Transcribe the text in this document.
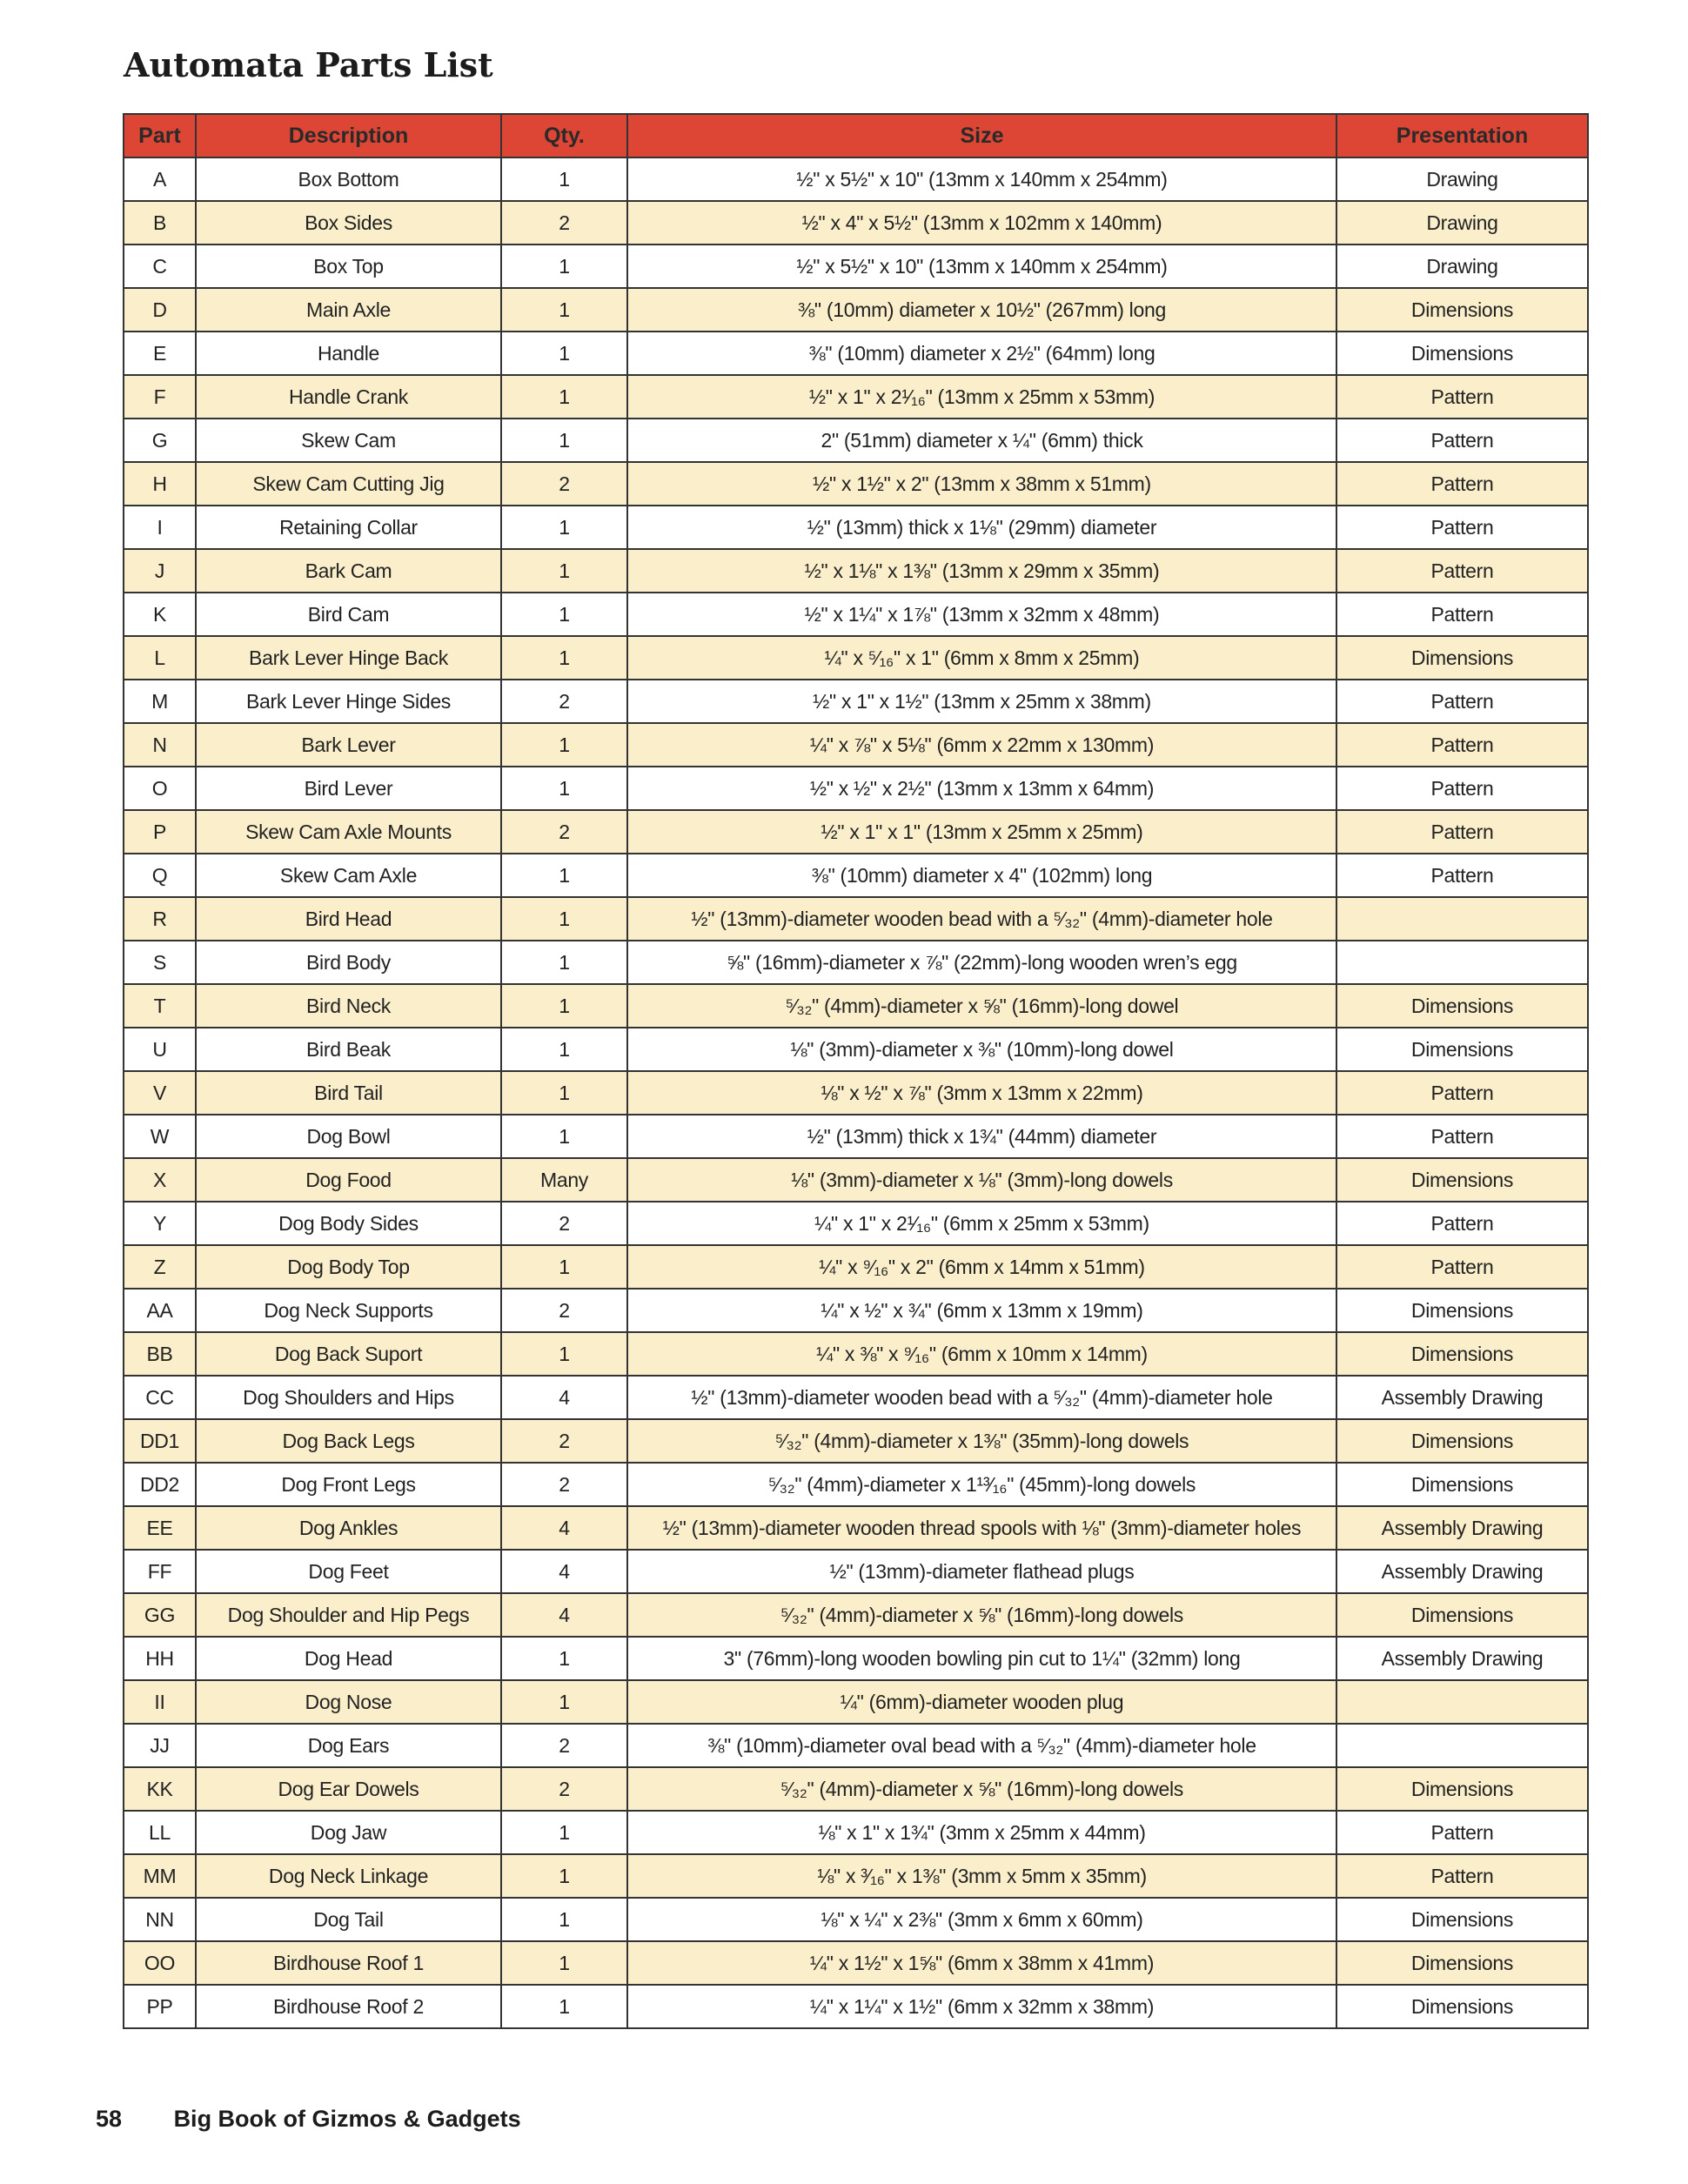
Automata Parts List
Part	Description	Qty.	Size	Presentation
A	Box Bottom	1	½" x 5½" x 10" (13mm x 140mm x 254mm)	Drawing
B	Box Sides	2	½" x 4" x 5½" (13mm x 102mm x 140mm)	Drawing
C	Box Top	1	½" x 5½" x 10" (13mm x 140mm x 254mm)	Drawing
D	Main Axle	1	⅜" (10mm) diameter x 10½" (267mm) long	Dimensions
E	Handle	1	⅜" (10mm) diameter x 2½" (64mm) long	Dimensions
F	Handle Crank	1	½" x 1" x 2¹⁄₁₆" (13mm x 25mm x 53mm)	Pattern
G	Skew Cam	1	2" (51mm) diameter x ¼" (6mm) thick	Pattern
H	Skew Cam Cutting Jig	2	½" x 1½" x 2" (13mm x 38mm x 51mm)	Pattern
I	Retaining Collar	1	½" (13mm) thick x 1⅛" (29mm) diameter	Pattern
J	Bark Cam	1	½" x 1⅛" x 1⅜" (13mm x 29mm x 35mm)	Pattern
K	Bird Cam	1	½" x 1¼" x 1⅞" (13mm x 32mm x 48mm)	Pattern
L	Bark Lever Hinge Back	1	¼" x ⁵⁄₁₆" x 1" (6mm x 8mm x 25mm)	Dimensions
M	Bark Lever Hinge Sides	2	½" x 1" x 1½" (13mm x 25mm x 38mm)	Pattern
N	Bark Lever	1	¼" x ⅞" x 5⅛" (6mm x 22mm x 130mm)	Pattern
O	Bird Lever	1	½" x ½" x 2½" (13mm x 13mm x 64mm)	Pattern
P	Skew Cam Axle Mounts	2	½" x 1" x 1" (13mm x 25mm x 25mm)	Pattern
Q	Skew Cam Axle	1	⅜" (10mm) diameter x 4" (102mm) long	Pattern
R	Bird Head	1	½" (13mm)-diameter wooden bead with a ⁵⁄₃₂" (4mm)-diameter hole	
S	Bird Body	1	⅝" (16mm)-diameter x ⅞" (22mm)-long wooden wren’s egg	
T	Bird Neck	1	⁵⁄₃₂" (4mm)-diameter x ⅝" (16mm)-long dowel	Dimensions
U	Bird Beak	1	⅛" (3mm)-diameter x ⅜" (10mm)-long dowel	Dimensions
V	Bird Tail	1	⅛" x ½" x ⅞" (3mm x 13mm x 22mm)	Pattern
W	Dog Bowl	1	½" (13mm) thick x 1¾" (44mm) diameter	Pattern
X	Dog Food	Many	⅛" (3mm)-diameter x ⅛" (3mm)-long dowels	Dimensions
Y	Dog Body Sides	2	¼" x 1" x 2¹⁄₁₆" (6mm x 25mm x 53mm)	Pattern
Z	Dog Body Top	1	¼" x ⁹⁄₁₆" x 2" (6mm x 14mm x 51mm)	Pattern
AA	Dog Neck Supports	2	¼" x ½" x ¾" (6mm x 13mm x 19mm)	Dimensions
BB	Dog Back Suport	1	¼" x ⅜" x ⁹⁄₁₆" (6mm x 10mm x 14mm)	Dimensions
CC	Dog Shoulders and Hips	4	½" (13mm)-diameter wooden bead with a ⁵⁄₃₂" (4mm)-diameter hole	Assembly Drawing
DD1	Dog Back Legs	2	⁵⁄₃₂" (4mm)-diameter x 1⅜" (35mm)-long dowels	Dimensions
DD2	Dog Front Legs	2	⁵⁄₃₂" (4mm)-diameter x 1¹³⁄₁₆" (45mm)-long dowels	Dimensions
EE	Dog Ankles	4	½" (13mm)-diameter wooden thread spools with ⅛" (3mm)-diameter holes	Assembly Drawing
FF	Dog Feet	4	½" (13mm)-diameter flathead plugs	Assembly Drawing
GG	Dog Shoulder and Hip Pegs	4	⁵⁄₃₂" (4mm)-diameter x ⅝" (16mm)-long dowels	Dimensions
HH	Dog Head	1	3" (76mm)-long wooden bowling pin cut to 1¼" (32mm) long	Assembly Drawing
II	Dog Nose	1	¼" (6mm)-diameter wooden plug	
JJ	Dog Ears	2	⅜" (10mm)-diameter oval bead with a ⁵⁄₃₂" (4mm)-diameter hole	
KK	Dog Ear Dowels	2	⁵⁄₃₂" (4mm)-diameter x ⅝" (16mm)-long dowels	Dimensions
LL	Dog Jaw	1	⅛" x 1" x 1¾" (3mm x 25mm x 44mm)	Pattern
MM	Dog Neck Linkage	1	⅛" x ³⁄₁₆" x 1⅜" (3mm x 5mm x 35mm)	Pattern
NN	Dog Tail	1	⅛" x ¼" x 2⅜" (3mm x 6mm x 60mm)	Dimensions
OO	Birdhouse Roof 1	1	¼" x 1½" x 1⅝" (6mm x 38mm x 41mm)	Dimensions
PP	Birdhouse Roof 2	1	¼" x 1¼" x 1½" (6mm x 32mm x 38mm)	Dimensions
58 Big Book of Gizmos & Gadgets
